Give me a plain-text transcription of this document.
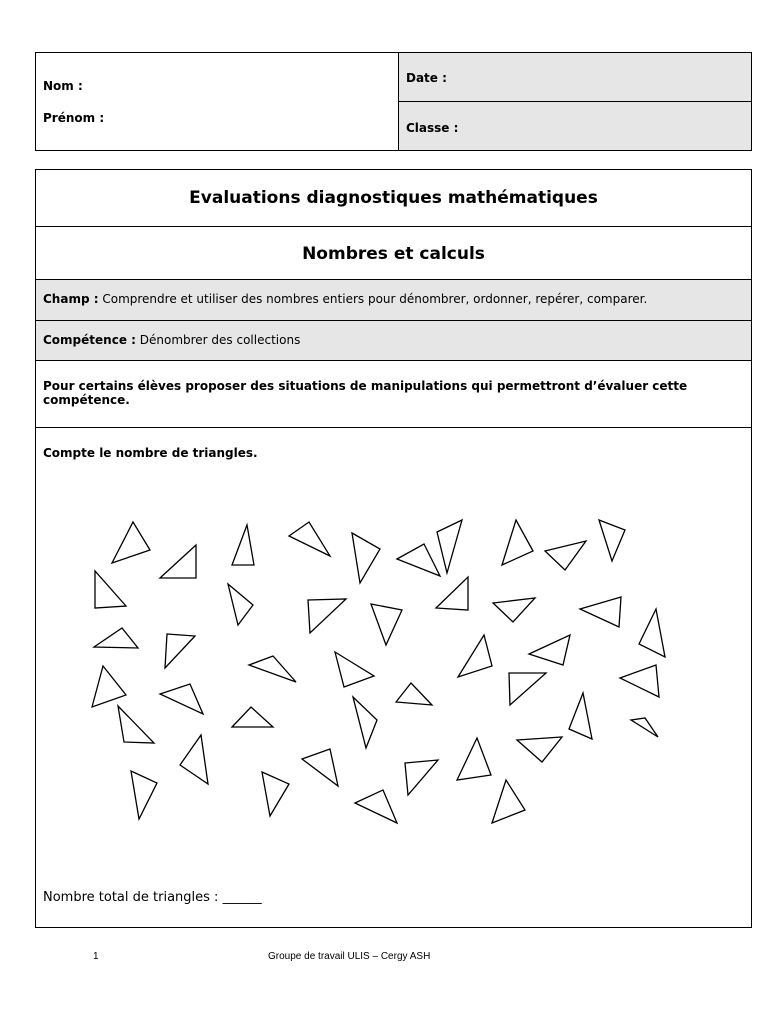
Nom :
Prénom :
Date :
Classe :
Evaluations diagnostiques mathématiques
Nombres et calculs
Champ : Comprendre et utiliser des nombres entiers pour dénombrer, ordonner, repérer, comparer.
Compétence : Dénombrer des collections
Pour certains élèves proposer des situations de manipulations qui permettront d’évaluer cette compétence.
Compte le nombre de triangles.
Nombre total de triangles : ______
1	Groupe de travail ULIS – Cergy ASH
